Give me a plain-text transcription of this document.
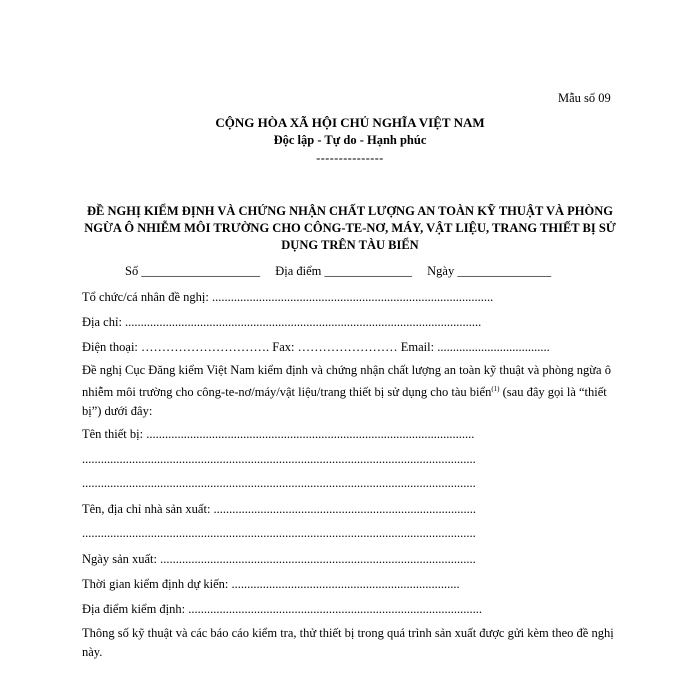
Mẫu số 09
CỘNG HÒA XÃ HỘI CHỦ NGHĨA VIỆT NAM
Độc lập - Tự do - Hạnh phúc
---------------
ĐỀ NGHỊ KIỂM ĐỊNH VÀ CHỨNG NHẬN CHẤT LƯỢNG AN TOÀN KỸ THUẬT VÀ PHÒNG NGỪA Ô NHIỄM MÔI TRƯỜNG CHO CÔNG-TE-NƠ, MÁY, VẬT LIỆU, TRANG THIẾT BỊ SỬ DỤNG TRÊN TÀU BIỂN
Số ___________________ Địa điểm ______________ Ngày _______________
Tổ chức/cá nhân đề nghị: ..........................................................................................
Địa chỉ: ..................................................................................................................
Điện thoại: …………………………. Fax: …………………… Email: ....................................
Đề nghị Cục Đăng kiểm Việt Nam kiểm định và chứng nhận chất lượng an toàn kỹ thuật và phòng ngừa ô nhiễm môi trường cho công-te-nơ/máy/vật liệu/trang thiết bị sử dụng cho tàu biển$^{(1)}$ (sau đây gọi là “thiết bị”) dưới đây:
Tên thiết bị: .........................................................................................................
..............................................................................................................................
..............................................................................................................................
Tên, địa chỉ nhà sản xuất: ....................................................................................
..............................................................................................................................
Ngày sản xuất: .....................................................................................................
Thời gian kiểm định dự kiến: .........................................................................
Địa điểm kiểm định: ..............................................................................................
Thông số kỹ thuật và các báo cáo kiểm tra, thử thiết bị trong quá trình sản xuất được gửi kèm theo đề nghị này.
